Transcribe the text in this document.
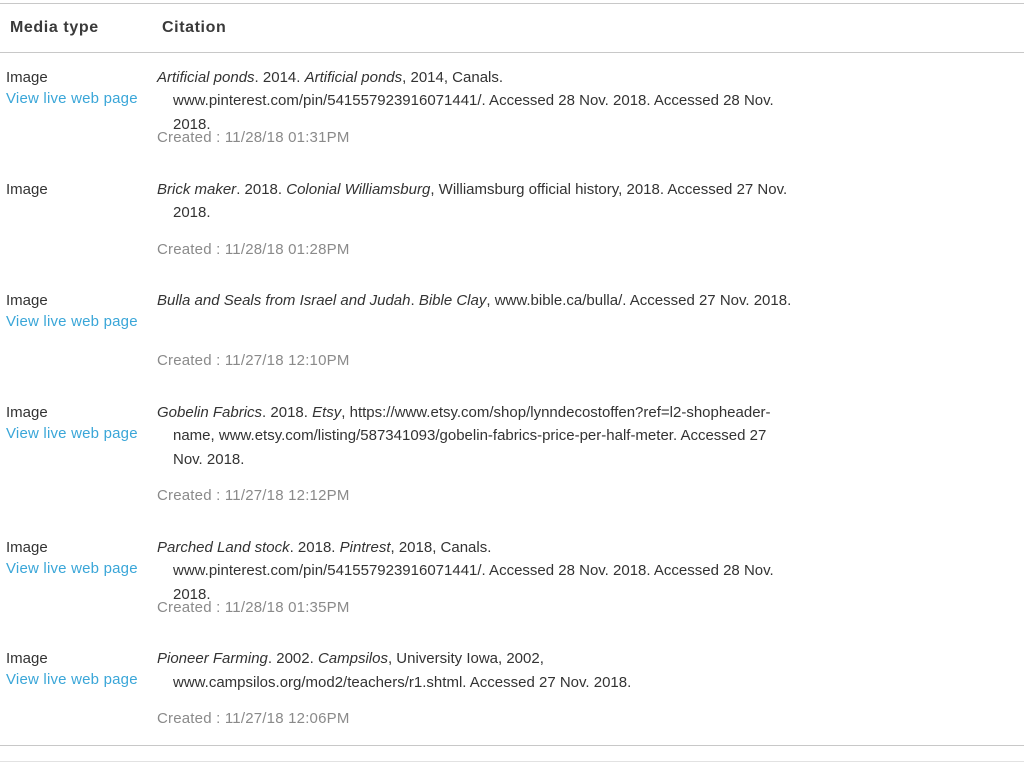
Media type	Citation
Image
View live web page
Artificial ponds. 2014. Artificial ponds, 2014, Canals. www.pinterest.com/pin/541557923916071441/. Accessed 28 Nov. 2018. Accessed 28 Nov. 2018.
Created : 11/28/18 01:31PM
Image	Brick maker. 2018. Colonial Williamsburg, Williamsburg official history, 2018. Accessed 27 Nov. 2018.
Created : 11/28/18 01:28PM
Image
View live web page
Bulla and Seals from Israel and Judah. Bible Clay, www.bible.ca/bulla/. Accessed 27 Nov. 2018.
Created : 11/27/18 12:10PM
Image
View live web page
Gobelin Fabrics. 2018. Etsy, https://www.etsy.com/shop/lynndecostoffen?ref=l2-shopheader-name, www.etsy.com/listing/587341093/gobelin-fabrics-price-per-half-meter. Accessed 27 Nov. 2018.
Created : 11/27/18 12:12PM
Image
View live web page
Parched Land stock. 2018. Pintrest, 2018, Canals. www.pinterest.com/pin/541557923916071441/. Accessed 28 Nov. 2018. Accessed 28 Nov. 2018.
Created : 11/28/18 01:35PM
Image
View live web page
Pioneer Farming. 2002. Campsilos, University Iowa, 2002, www.campsilos.org/mod2/teachers/r1.shtml. Accessed 27 Nov. 2018.
Created : 11/27/18 12:06PM
